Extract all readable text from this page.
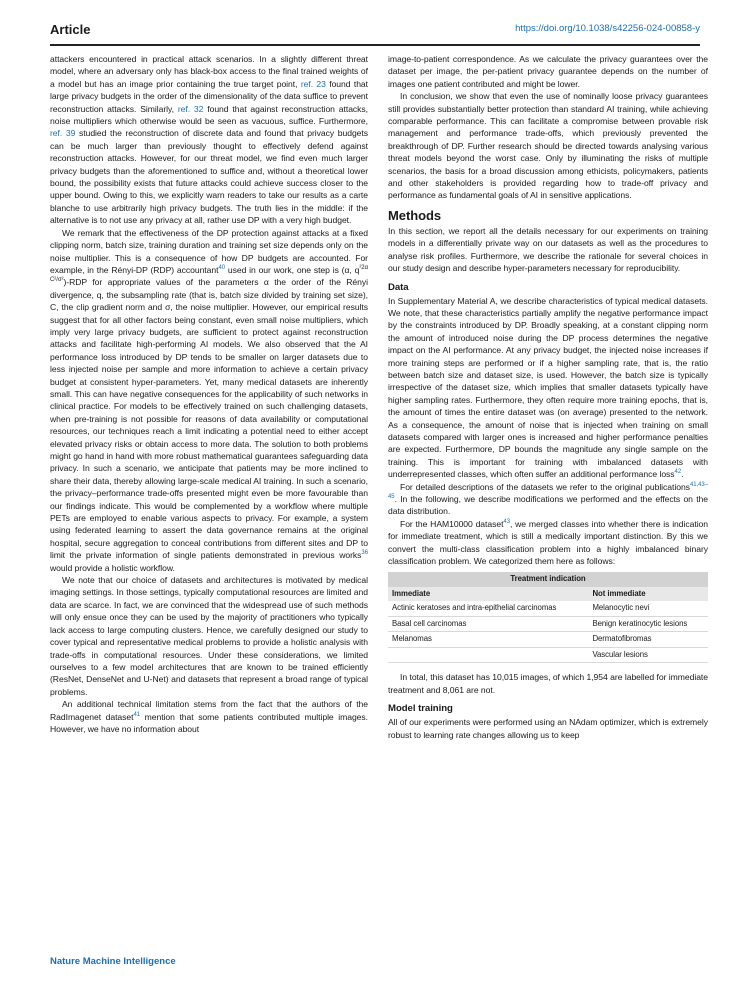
Article	https://doi.org/10.1038/s42256-024-00858-y

attackers encountered in practical attack scenarios. In a slightly different threat model, where an adversary only has black-box access to the final trained weights of a model but has an image prior containing the true target point, ref. 23 found that large privacy budgets in the order of the dimensionality of the data suffice to prevent reconstruction attacks. Similarly, ref. 32 found that against reconstruction attacks, noise multipliers which otherwise would be seen as vacuous, suffice. Furthermore, ref. 39 studied the reconstruction of discrete data and found that privacy budgets can be much larger than previously thought to effectively defend against reconstruction attacks. However, for our threat model, we find even much larger privacy budgets than the aforementioned to suffice and, without a theoretical lower bound, the possibility exists that future attacks could achieve success closer to the upper bound. Owing to this, we explicitly warn readers to take our results as a carte blanche to use arbitrarily high privacy budgets. The truth lies in the middle: if the alternative is to not use any privacy at all, rather use DP with a very high budget.

We remark that the effectiveness of the DP protection against attacks at a fixed clipping norm, batch size, training duration and training set size depends only on the noise multiplier. This is a consequence of how DP budgets are accounted. For example, in the Rényi-DP (RDP) accountant$^{40}$ used in our work, one step is (α, $q^{^22\alpha C^2/\sigma^2}$)-RDP for appropriate values of the parameters α the order of the Rényi divergence, q, the subsampling rate (that is, batch size divided by training set size), C, the clip gradient norm and σ, the noise multiplier. However, our empirical results suggest that for all other factors being constant, even small noise multipliers, which imply very large privacy budgets, are sufficient to protect against reconstruction attacks and facilitate high-performing AI models. We also observed that the AI performance loss introduced by DP tends to be smaller on larger datasets due to less injected noise per sample and more information to achieve a certain privacy budget at consistent hyper-parameters. Yet, many medical datasets are inherently small. This can have negative consequences for the applicability of such networks in clinical practice. For models to be effectively trained on such challenging datasets, when pre-training is not possible for reasons of data availability or computational resources, our techniques reach a limit indicating a potential need to either accept elevated privacy risks or obtain access to more data. The solution to both problems might go hand in hand with more robust mathematical guarantees safeguarding data privacy. In such a scenario, we anticipate that patients may be more inclined to share their data, thereby allowing large-scale medical AI training. In such a scenario, the privacy–performance trade-offs presented might even be more favourable than our findings indicate. This would be complemented by a workflow where multiple PETs are employed to enable various aspects to privacy. For example, a system using federated learning to assert the data governance remains at the original hospital, secure aggregation to conceal contributions from different sites and DP to limit the private information of single patients demonstrated in previous works$^{36}$ would provide a holistic workflow.

We note that our choice of datasets and architectures is motivated by medical imaging settings. In those settings, typically computational resources are limited and data are scarce. In fact, we are convinced that the widespread use of such methods will only ensue once they can be used by the majority of practitioners who typically lack access to large computing clusters. Hence, we carefully designed our study to cover typical and representative medical problems to provide a holistic analysis with trade-offs in computational resources. Under these considerations, we limited ourselves to a few model architectures that are known to be trained efficiently (ResNet, DenseNet and U-Net) and datasets that represent a broad range of typical problems.

An additional technical limitation stems from the fact that the authors of the RadImagenet dataset$^{41}$ mention that some patients contributed multiple images. However, we have no information about

image-to-patient correspondence. As we calculate the privacy guarantees over the dataset per image, the per-patient privacy guarantee depends on the number of images one patient contributed and might be lower.

In conclusion, we show that even the use of nominally loose privacy guarantees still provides substantially better protection than standard AI training, while achieving comparable performance. This can facilitate a compromise between provable risk management and performance trade-offs, which previously prevented the breakthrough of DP. Further research should be directed towards analysing various threat models beyond the worst case. Only by illuminating the risks of multiple scenarios, the basis for a broad discussion among ethicists, policymakers, patients and other stakeholders is provided regarding how to trade-off privacy and performance as fundamental goals of AI in sensitive applications.

Methods

In this section, we report all the details necessary for our experiments on training models in a differentially private way on our datasets as well as the procedures to analyse risk profiles. Furthermore, we describe the rationale for several choices in our study design and describe hyper-parameters necessary for reproducibility.

Data

In Supplementary Material A, we describe characteristics of typical medical datasets. We note, that these characteristics partially amplify the negative performance impact by the constraints introduced by DP. Broadly speaking, at a constant clipping norm the amount of introduced noise during the DP process determines the negative impact on the AI performance. At any privacy budget, the injected noise increases if more training steps are performed or if a higher sampling rate, that is, the ratio between batch size and dataset size, is used. However, the batch size is typically irrespective of the dataset size, which implies that smaller datasets typically have higher sampling rates. Furthermore, they often require more training epochs, that is, the amount of times the entire dataset was (on average) presented to the network. As a consequence, the amount of noise that is injected when training on small datasets compared with larger ones is increased and higher performance penalties are expected. Furthermore, DP bounds the magnitude any single sample on the training. This is important for training with imbalanced datasets with underrepresented classes, which often suffer an additional performance loss$^{42}$.

For detailed descriptions of the datasets we refer to the original publications$^{41,43-45}$. In the following, we describe modifications we performed and the effects on the data distribution.

For the HAM10000 dataset$^{43}$, we merged classes into whether there is indication for immediate treatment, which is still a medically important distinction. By this we convert the multi-class classification problem into a highly imbalanced binary classification problem. We categorized them here as follows:

Treatment indication	
Immediate	Not immediate
Actinic keratoses and intra-epithelial carcinomas	Melanocytic nevi
Basal cell carcinomas	Benign keratinocytic lesions
Melanomas	Dermatofibromas
	Vascular lesions

In total, this dataset has 10,015 images, of which 1,954 are labelled for immediate treatment and 8,061 are not.

Model training

All of our experiments were performed using an NAdam optimizer, which is extremely robust to learning rate changes allowing us to keep

Nature Machine Intelligence
